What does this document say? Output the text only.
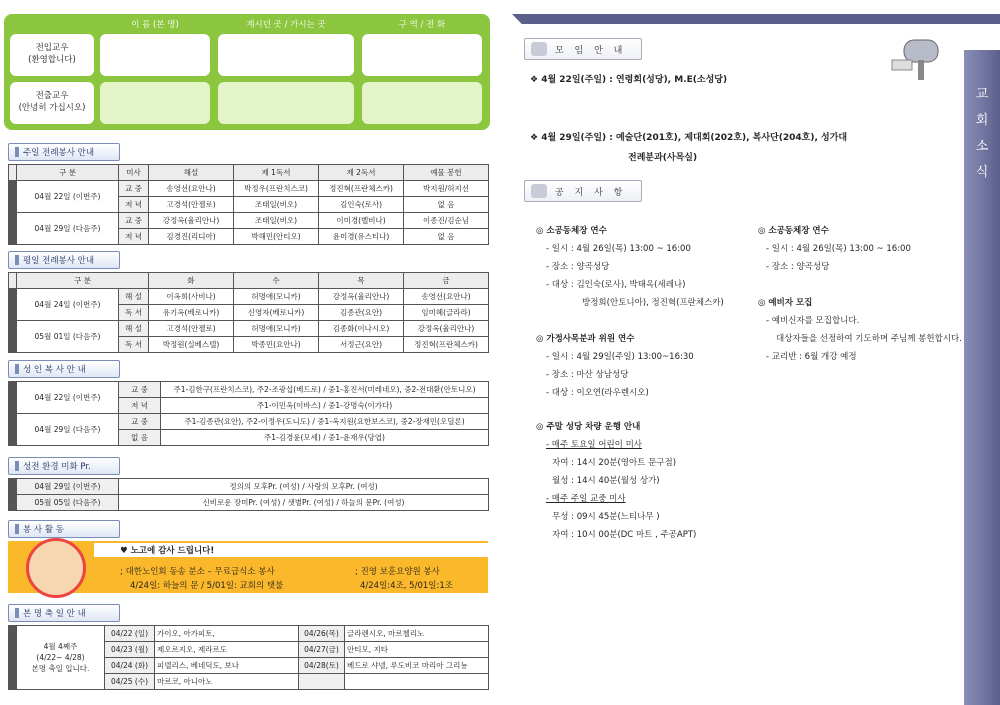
이 름 (본 명)	계시던 곳 / 가시는 곳	구 역 / 전 화
전입교우
(환영합니다)
전출교우
(안녕히 가십시오)
주일 전례봉사 안내
	구 분	미사	해설	제 1독서	제 2독서	예물 봉헌
	04월 22일 (이번주)	교 중	송영선(요안나)	박정우(프란치스코)	정진혁(프란체스카)	박지원/허지선
		저 녁	고경석(안젤로)	조태일(비오)	김인숙(로사)	없 음
	04월 29일 (다음주)	교 중	강정옥(율리안나)	조태일(비오)	이미경(벨비나)	이종진/김순님
		저 녁	김경진(리디아)	박해민(안티오)	윤미경(유스티나)	없 음
평일 전례봉사 안내
	구 분		화	수	목	금
	04월 24일 (이번주)	해 설	이옥희(사비나)	허명애(모니카)	강정옥(율리안나)	송영선(요안나)
		독 서	유기옥(베로니카)	신영자(베로니카)	김종관(요안)	임미혜(글라라)
	05월 01일 (다음주)	해 설	고경석(안젤로)	허명애(모니카)	김종화(이나시오)	강정옥(율리안나)
		독 서	박정원(실베스텔)	박종민(요안나)	서정근(요안)	정진혁(프란체스카)
성 인 복 사 안 내
	04월 22일 (이번주)	교 중	주1-김한구(프란치스코), 주2-조광섭(베드로) / 중1-홍진서(미레네오), 중2-전대환(안토니오)
		저 녁	주1-이민옥(이바스) / 중1-강명숙(이가다)
	04월 29일 (다음주)	교 중	주1-김종관(요안), 주2-이정우(도니도) / 중1-옥지원(요한보스코), 중2-장재민(오딜론)
		없 음	주1-김경윤(모세) / 중1-윤재우(당엽)
성전 환경 미화 Pr.
	04월 29일 (이번주)	정의의 모후Pr. (여성) / 사랑의 모후Pr. (여성)
	05월 05일 (다음주)	신비로운 장미Pr. (여성) / 샛별Pr. (여성) / 하늘의 문Pr. (여성)
봉 사 활 동
♥ 노고에 감사 드립니다!
; 대한노인회 동송 분소 – 무료급식소 봉사
4/24일: 하늘의 문 / 5/01일: 교회의 탯불
; 진영 보훈요양원 봉사
4/24일:4조, 5/01일:1조
본 명 축 일 안 내
	4월 4째주
(4/22~ 4/28)
본명 축일 입니다.	04/22 (일)	가이오, 아가피토,	04/26(목)	글라렌시오, 마르첼리노
		04/23 (월)	제오르지오, 제라르도	04/27(금)	안티모, 지타
		04/24 (화)	피델리스, 베네딕도, 보나	04/28(토)	베드로 샤넬, 루도비코 마리아 그리뇽
		04/25 (수)	마르코, 아니아노		
교
회
소
식
모 임 안 내
❖ 4월 22일(주일) : 연령회(성당), M.E(소성당)
❖ 4월 29일(주일) : 예술단(201호), 제대회(202호), 복사단(204호), 성가대
전례분과(사목실)
공 지 사 항
◎ 소공동체장 연수
- 일시 : 4월 26일(목) 13:00 ~ 16:00
- 장소 : 양곡성당
- 대상 : 김인숙(로사), 박태옥(세레나)
방정희(안토니아), 정진혁(프란체스카)
◎ 소공동체장 연수
- 일시 : 4월 26일(목) 13:00 ~ 16:00
- 장소 : 양곡성당
◎ 예비자 모집
- 예비신자를 모집합니다.
대상자들을 선정하여 기도하며 주님께 봉헌합시다.
- 교리반 : 6월 개강 예정
◎ 가정사목분과 위원 연수
- 일시 : 4월 29일(주일) 13:00~16:30
- 장소 : 마산 상남성당
- 대상 : 이오연(라우렌시오)
◎ 주말 성당 차량 운행 안내
- 매주 토요일 어린이 미사
자여 : 14시 20분(영아트 문구점)
월성 : 14시 40분(월성 상가)
- 매주 주일 교중 미사
무성 : 09시 45분(느티나무 )
자여 : 10시 00분(DC 마트 , 주공APT)
